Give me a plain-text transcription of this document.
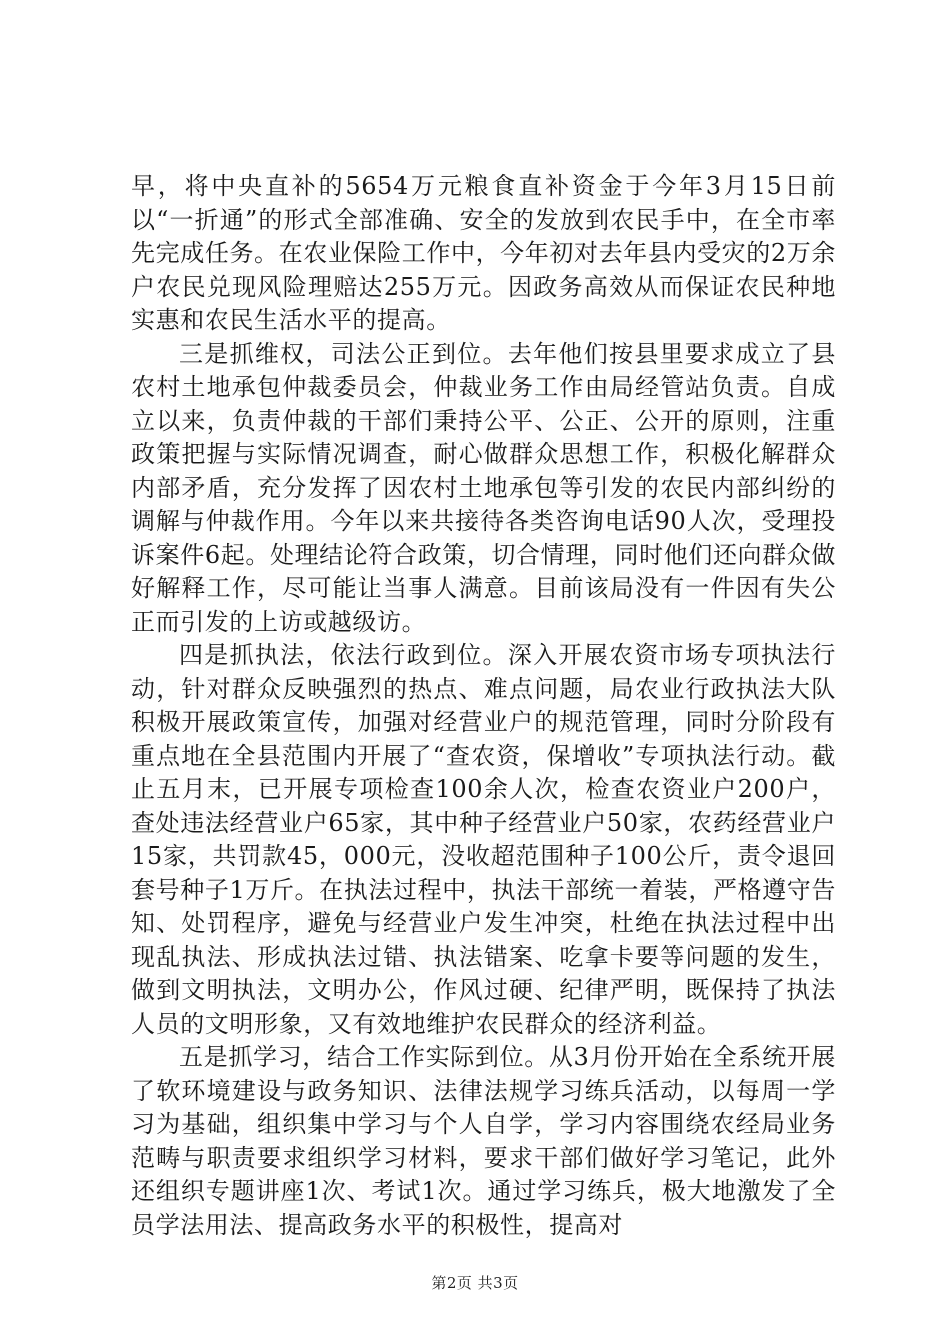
早，将中央直补的5654万元粮食直补资金于今年3月15日前以“一折通”的形式全部准确、安全的发放到农民手中，在全市率先完成任务。在农业保险工作中，今年初对去年县内受灾的2万余户农民兑现风险理赔达255万元。因政务高效从而保证农民种地实惠和农民生活水平的提高。

三是抓维权，司法公正到位。去年他们按县里要求成立了县农村土地承包仲裁委员会，仲裁业务工作由局经管站负责。自成立以来，负责仲裁的干部们秉持公平、公正、公开的原则，注重政策把握与实际情况调查，耐心做群众思想工作，积极化解群众内部矛盾，充分发挥了因农村土地承包等引发的农民内部纠纷的调解与仲裁作用。今年以来共接待各类咨询电话90人次，受理投诉案件6起。处理结论符合政策，切合情理，同时他们还向群众做好解释工作，尽可能让当事人满意。目前该局没有一件因有失公正而引发的上访或越级访。

四是抓执法，依法行政到位。深入开展农资市场专项执法行动，针对群众反映强烈的热点、难点问题，局农业行政执法大队积极开展政策宣传，加强对经营业户的规范管理，同时分阶段有重点地在全县范围内开展了“查农资，保增收”专项执法行动。截止五月末，已开展专项检查100余人次，检查农资业户200户，查处违法经营业户65家，其中种子经营业户50家，农药经营业户15家，共罚款45，000元，没收超范围种子100公斤，责令退回套号种子1万斤。在执法过程中，执法干部统一着装，严格遵守告知、处罚程序，避免与经营业户发生冲突，杜绝在执法过程中出现乱执法、形成执法过错、执法错案、吃拿卡要等问题的发生，做到文明执法，文明办公，作风过硬、纪律严明，既保持了执法人员的文明形象，又有效地维护农民群众的经济利益。

五是抓学习，结合工作实际到位。从3月份开始在全系统开展了软环境建设与政务知识、法律法规学习练兵活动，以每周一学习为基础，组织集中学习与个人自学，学习内容围绕农经局业务范畴与职责要求组织学习材料，要求干部们做好学习笔记，此外还组织专题讲座1次、考试1次。通过学习练兵，极大地激发了全员学法用法、提高政务水平的积极性，提高对

第2页 共3页
